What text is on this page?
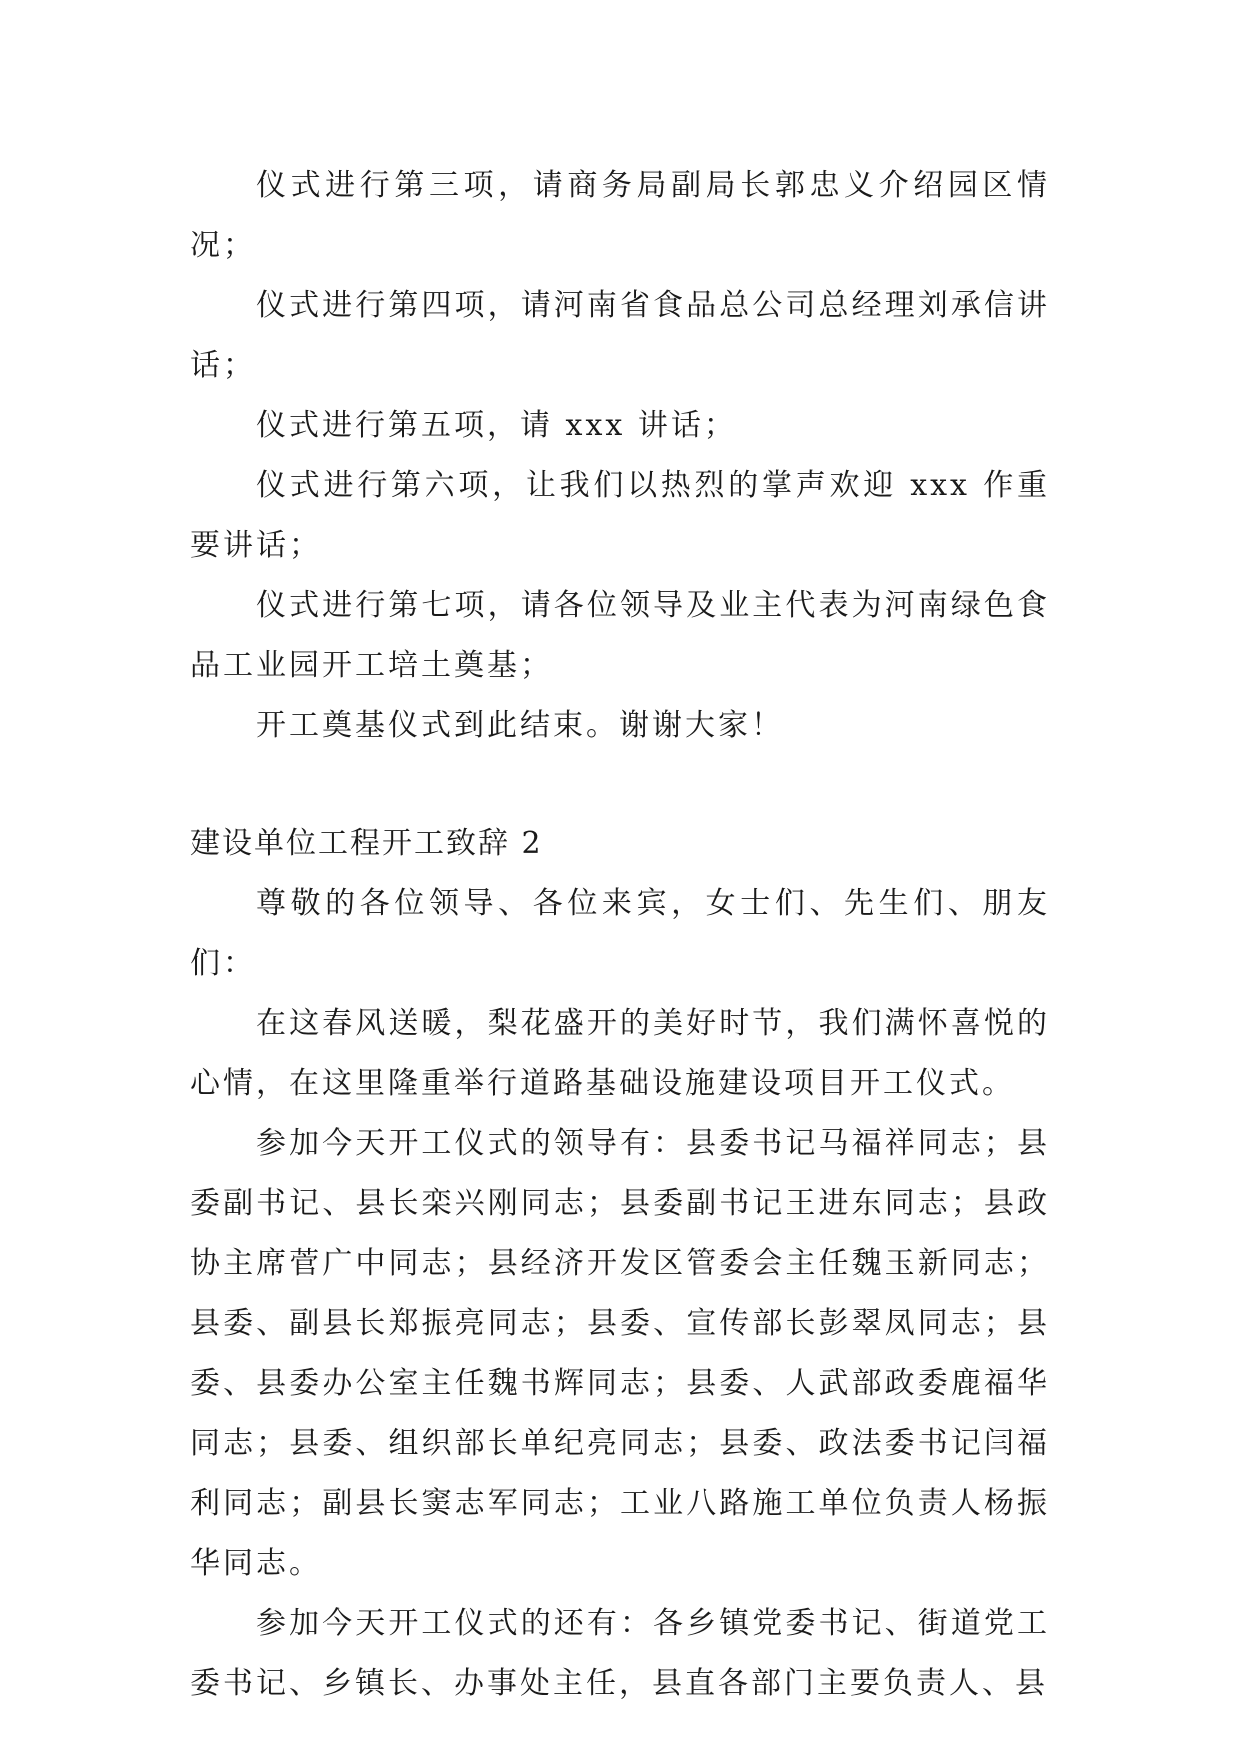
仪式进行第三项，请商务局副局长郭忠义介绍园区情况；

仪式进行第四项，请河南省食品总公司总经理刘承信讲话；

仪式进行第五项，请 xxx 讲话；

仪式进行第六项，让我们以热烈的掌声欢迎 xxx 作重要讲话；

仪式进行第七项，请各位领导及业主代表为河南绿色食品工业园开工培土奠基；

开工奠基仪式到此结束。谢谢大家！

建设单位工程开工致辞 2

尊敬的各位领导、各位来宾，女士们、先生们、朋友们：

在这春风送暖，梨花盛开的美好时节，我们满怀喜悦的心情，在这里隆重举行道路基础设施建设项目开工仪式。

参加今天开工仪式的领导有：县委书记马福祥同志；县委副书记、县长栾兴刚同志；县委副书记王进东同志；县政协主席菅广中同志；县经济开发区管委会主任魏玉新同志；县委、副县长郑振亮同志；县委、宣传部长彭翠凤同志；县委、县委办公室主任魏书辉同志；县委、人武部政委鹿福华同志；县委、组织部长单纪亮同志；县委、政法委书记闫福利同志；副县长窦志军同志；工业八路施工单位负责人杨振华同志。

参加今天开工仪式的还有：各乡镇党委书记、街道党工委书记、乡镇长、办事处主任，县直各部门主要负责人、县
